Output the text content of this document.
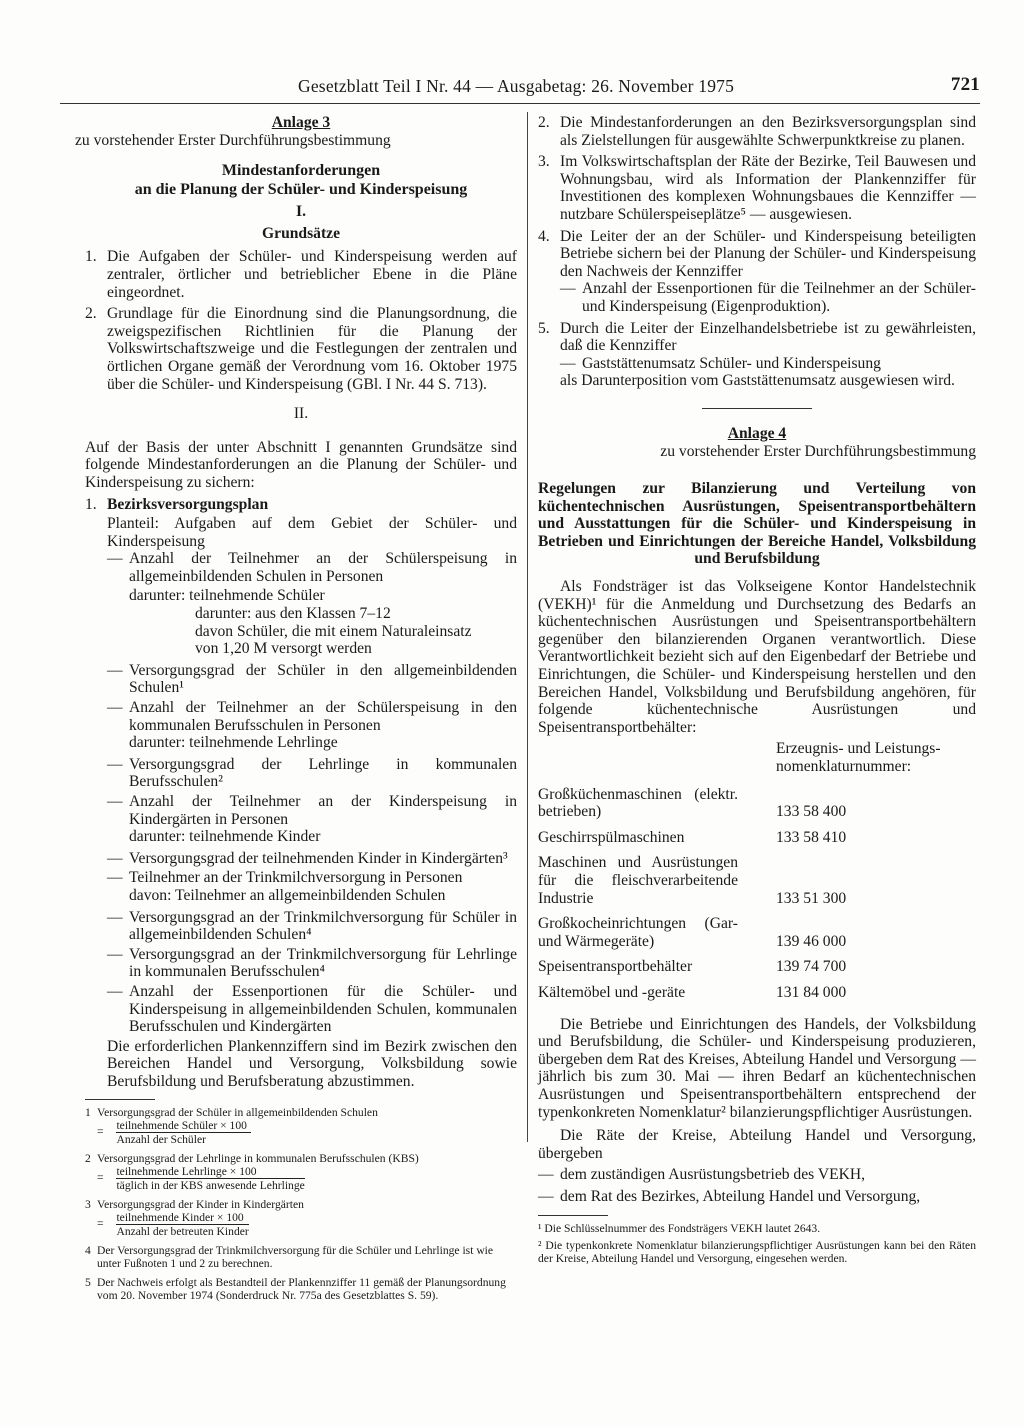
Gesetzblatt Teil I Nr. 44 — Ausgabetag: 26. November 1975	721
Anlage 3
zu vorstehender Erster Durchführungsbestimmung
Mindestanforderungen
an die Planung der Schüler- und Kinderspeisung
I.
Grundsätze
1. Die Aufgaben der Schüler- und Kinderspeisung werden auf zentraler, örtlicher und betrieblicher Ebene in die Pläne eingeordnet.
2. Grundlage für die Einordnung sind die Planungsordnung, die zweigspezifischen Richtlinien für die Planung der Volkswirtschaftszweige und die Festlegungen der zentralen und örtlichen Organe gemäß der Verordnung vom 16. Oktober 1975 über die Schüler- und Kinderspeisung (GBl. I Nr. 44 S. 713).
II.

Auf der Basis der unter Abschnitt I genannten Grundsätze sind folgende Mindestanforderungen an die Planung der Schüler- und Kinderspeisung zu sichern:

1. Bezirksversorgungsplan

Planteil: Aufgaben auf dem Gebiet der Schüler- und Kinderspeisung

— Anzahl der Teilnehmer an der Schülerspeisung in allgemeinbildenden Schulen in Personen

darunter: teilnehmende Schüler

darunter: aus den Klassen 7–12

davon Schüler, die mit einem Naturaleinsatz

von 1,20 M versorgt werden

— Versorgungsgrad der Schüler in den allgemeinbildenden Schulen¹
— Anzahl der Teilnehmer an der Schülerspeisung in den kommunalen Berufsschulen in Personen

darunter: teilnehmende Lehrlinge

— Versorgungsgrad der Lehrlinge in kommunalen Berufsschulen²
— Anzahl der Teilnehmer an der Kinderspeisung in Kindergärten in Personen

darunter: teilnehmende Kinder

— Versorgungsgrad der teilnehmenden Kinder in Kindergärten³
— Teilnehmer an der Trinkmilchversorgung in Personen

davon: Teilnehmer an allgemeinbildenden Schulen

— Versorgungsgrad an der Trinkmilchversorgung für Schüler in allgemeinbildenden Schulen⁴
— Versorgungsgrad an der Trinkmilchversorgung für Lehrlinge in kommunalen Berufsschulen⁴
— Anzahl der Essenportionen für die Schüler- und Kinderspeisung in allgemeinbildenden Schulen, kommunalen Berufsschulen und Kindergärten

Die erforderlichen Plankennziffern sind im Bezirk zwischen den Bereichen Handel und Versorgung, Volksbildung sowie Berufsbildung und Berufsberatung abzustimmen.

1 Versorgungsgrad der Schüler in allgemeinbildenden Schulen
= $\frac{\text{teilnehmende Schüler × 100}}{\text{Anzahl der Schüler}}$
2 Versorgungsgrad der Lehrlinge in kommunalen Berufsschulen (KBS)
= $\frac{\text{teilnehmende Lehrlinge × 100}}{\text{täglich in der KBS anwesende Lehrlinge}}$
3 Versorgungsgrad der Kinder in Kindergärten
= $\frac{\text{teilnehmende Kinder × 100}}{\text{Anzahl der betreuten Kinder}}$
4 Der Versorgungsgrad der Trinkmilchversorgung für die Schüler und Lehrlinge ist wie unter Fußnoten 1 und 2 zu berechnen.
5 Der Nachweis erfolgt als Bestandteil der Plankennziffer 11 gemäß der Planungsordnung vom 20. November 1974 (Sonderdruck Nr. 775a des Gesetzblattes S. 59).
2. Die Mindestanforderungen an den Bezirksversorgungsplan sind als Zielstellungen für ausgewählte Schwerpunktkreise zu planen.
3. Im Volkswirtschaftsplan der Räte der Bezirke, Teil Bauwesen und Wohnungsbau, wird als Information der Plankennziffer für Investitionen des komplexen Wohnungsbaues die Kennziffer — nutzbare Schülerspeiseplätze⁵ — ausgewiesen.
4. Die Leiter der an der Schüler- und Kinderspeisung beteiligten Betriebe sichern bei der Planung der Schüler- und Kinderspeisung den Nachweis der Kennziffer
— Anzahl der Essenportionen für die Teilnehmer an der Schüler- und Kinderspeisung (Eigenproduktion).
5. Durch die Leiter der Einzelhandelsbetriebe ist zu gewährleisten, daß die Kennziffer
— Gaststättenumsatz Schüler- und Kinderspeisung

als Darunterposition vom Gaststättenumsatz ausgewiesen wird.

Anlage 4
zu vorstehender Erster Durchführungsbestimmung
Regelungen zur Bilanzierung und Verteilung von küchentechnischen Ausrüstungen, Speisentransportbehältern und Ausstattungen für die Schüler- und Kinderspeisung in Betrieben und Einrichtungen der Bereiche Handel, Volksbildung und Berufsbildung

Als Fondsträger ist das Volkseigene Kontor Handelstechnik (VEKH)¹ für die Anmeldung und Durchsetzung des Bedarfs an küchentechnischen Ausrüstungen und Speisentransportbehältern gegenüber den bilanzierenden Organen verantwortlich. Diese Verantwortlichkeit bezieht sich auf den Eigenbedarf der Betriebe und Einrichtungen, die Schüler- und Kinderspeisung herstellen und den Bereichen Handel, Volksbildung und Berufsbildung angehören, für folgende küchentechnische Ausrüstungen und Speisentransportbehälter:

	Erzeugnis- und Leistungs-
nomenklaturnummer:
Großküchenmaschinen (elektr. betrieben)	133 58 400
Geschirrspülmaschinen	133 58 410
Maschinen und Ausrüstungen für die fleischverarbeitende Industrie	133 51 300
Großkocheinrichtungen (Gar- und Wärmegeräte)	139 46 000
Speisentransportbehälter	139 74 700
Kältemöbel und -geräte	131 84 000

Die Betriebe und Einrichtungen des Handels, der Volksbildung und Berufsbildung, die Schüler- und Kinderspeisung produzieren, übergeben dem Rat des Kreises, Abteilung Handel und Versorgung — jährlich bis zum 30. Mai — ihren Bedarf an küchentechnischen Ausrüstungen und Speisentransportbehältern entsprechend der typenkonkreten Nomenklatur² bilanzierungspflichtiger Ausrüstungen.

Die Räte der Kreise, Abteilung Handel und Versorgung, übergeben

— dem zuständigen Ausrüstungsbetrieb des VEKH,
— dem Rat des Bezirkes, Abteilung Handel und Versorgung,
¹ Die Schlüsselnummer des Fondsträgers VEKH lautet 2643.
² Die typenkonkrete Nomenklatur bilanzierungspflichtiger Ausrüstungen kann bei den Räten der Kreise, Abteilung Handel und Versorgung, eingesehen werden.
